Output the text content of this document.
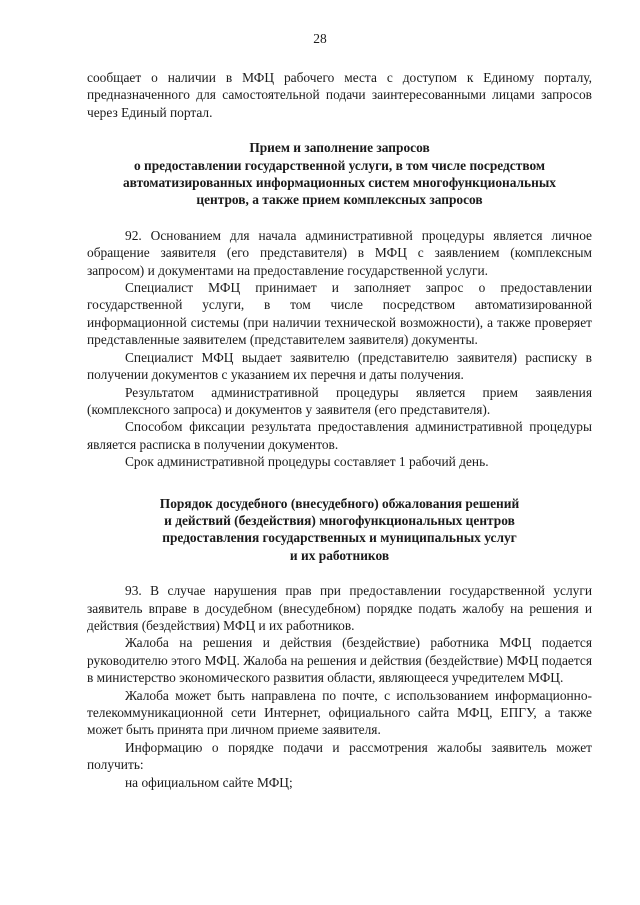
28

сообщает о наличии в МФЦ рабочего места с доступом к Единому порталу, предназначенного для самостоятельной подачи заинтересованными лицами запросов через Единый портал.

Прием и заполнение запросов
о предоставлении государственной услуги, в том числе посредством
автоматизированных информационных систем многофункциональных
центров, а также прием комплексных запросов

92. Основанием для начала административной процедуры является личное обращение заявителя (его представителя) в МФЦ с заявлением (комплексным запросом) и документами на предоставление государственной услуги.

Специалист МФЦ принимает и заполняет запрос о предоставлении государственной услуги, в том числе посредством автоматизированной информационной системы (при наличии технической возможности), а также проверяет представленные заявителем (представителем заявителя) документы.

Специалист МФЦ выдает заявителю (представителю заявителя) расписку в получении документов с указанием их перечня и даты получения.

Результатом административной процедуры является прием заявления (комплексного запроса) и документов у заявителя (его представителя).

Способом фиксации результата предоставления административной процедуры является расписка в получении документов.

Срок административной процедуры составляет 1 рабочий день.

Порядок досудебного (внесудебного) обжалования решений
и действий (бездействия) многофункциональных центров
предоставления государственных и муниципальных услуг
и их работников

93. В случае нарушения прав при предоставлении государственной услуги заявитель вправе в досудебном (внесудебном) порядке подать жалобу на решения и действия (бездействия) МФЦ и их работников.

Жалоба на решения и действия (бездействие) работника МФЦ подается руководителю этого МФЦ. Жалоба на решения и действия (бездействие) МФЦ подается в министерство экономического развития области, являющееся учредителем МФЦ.

Жалоба может быть направлена по почте, с использованием информационно-телекоммуникационной сети Интернет, официального сайта МФЦ, ЕПГУ, а также может быть принята при личном приеме заявителя.

Информацию о порядке подачи и рассмотрения жалобы заявитель может получить:

на официальном сайте МФЦ;
